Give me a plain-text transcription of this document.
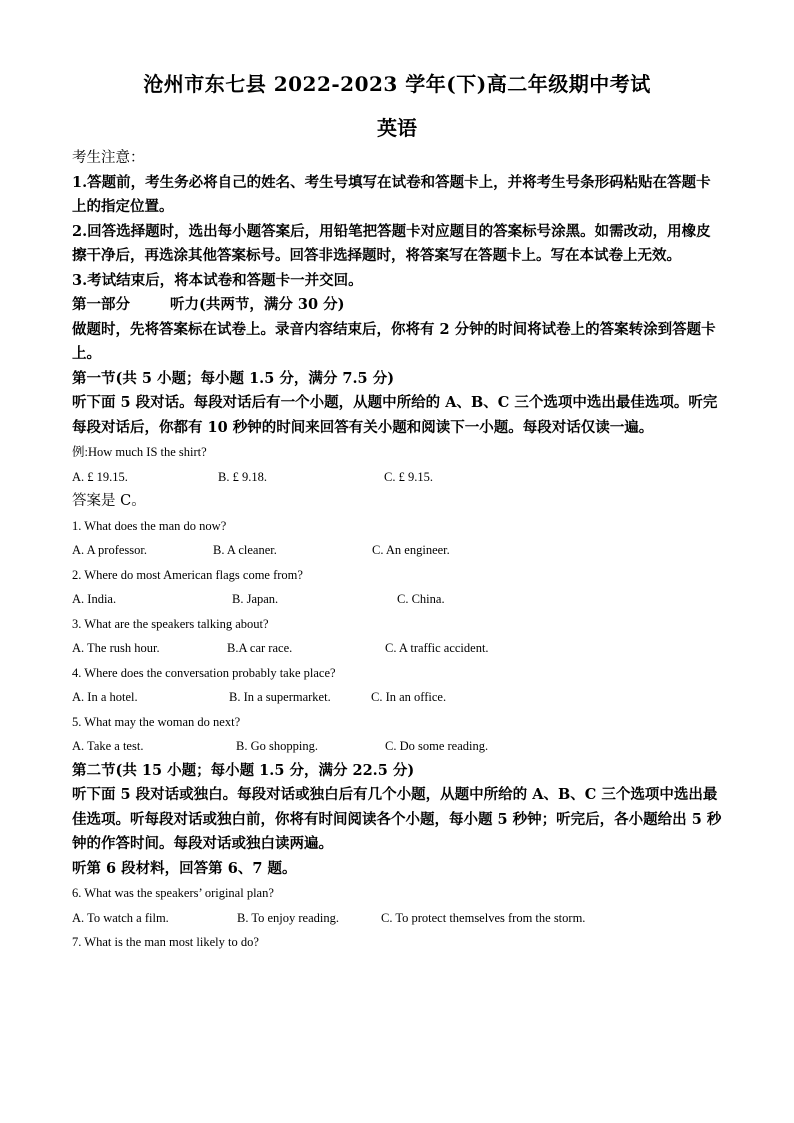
沧州市东七县 2022-2023 学年(下)高二年级期中考试
英语

考生注意：

1.答题前，考生务必将自己的姓名、考生号填写在试卷和答题卡上，并将考生号条形码粘贴在答题卡上的指定位置。

2.回答选择题时，选出每小题答案后，用铅笔把答题卡对应题目的答案标号涂黑。如需改动，用橡皮擦干净后，再选涂其他答案标号。回答非选择题时，将答案写在答题卡上。写在本试卷上无效。

3.考试结束后，将本试卷和答题卡一并交回。

第一部分	听力(共两节，满分 30 分)

做题时，先将答案标在试卷上。录音内容结束后，你将有 2 分钟的时间将试卷上的答案转涂到答题卡上。

第一节(共 5 小题；每小题 1.5 分，满分 7.5 分)

听下面 5 段对话。每段对话后有一个小题，从题中所给的 A、B、C 三个选项中选出最佳选项。听完每段对话后，你都有 10 秒钟的时间来回答有关小题和阅读下一小题。每段对话仅读一遍。

例:How much IS the shirt?

A. £ 19.15.	B. £ 9.18.	C. £ 9.15.

答案是 C。

1. What does the man do now?

A. A professor.	B. A cleaner.	C. An engineer.

2. Where do most American flags come from?

A. India.	B. Japan.	C. China.

3. What are the speakers talking about?

A. The rush hour.	B.A car race.	C. A traffic accident.

4. Where does the conversation probably take place?

A. In a hotel.	B. In a supermarket.	C. In an office.

5. What may the woman do next?

A. Take a test.	B. Go shopping.	C. Do some reading.

第二节(共 15 小题；每小题 1.5 分，满分 22.5 分)

听下面 5 段对话或独白。每段对话或独白后有几个小题，从题中所给的 A、B、C 三个选项中选出最佳选项。听每段对话或独白前，你将有时间阅读各个小题，每小题 5 秒钟；听完后，各小题给出 5 秒钟的作答时间。每段对话或独白读两遍。

听第 6 段材料，回答第 6、7 题。

6. What was the speakers’ original plan?

A. To watch a film.	B. To enjoy reading.	C. To protect themselves from the storm.

7. What is the man most likely to do?
